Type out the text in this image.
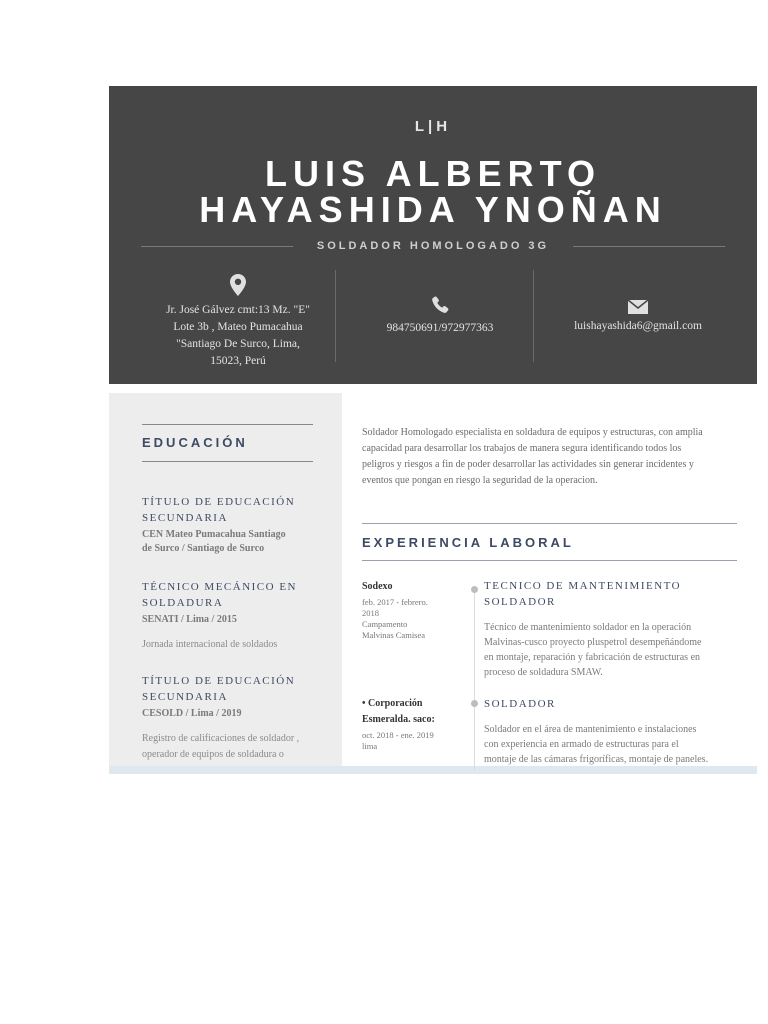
L|H
LUIS ALBERTO
HAYASHIDA YNOÑAN
SOLDADOR HOMOLOGADO 3G
Jr. José Gálvez cmt:13 Mz. "E"
Lote 3b , Mateo Pumacahua
"Santiago De Surco, Lima,
15023, Perú
984750691/972977363	luishayashida6@gmail.com
EDUCACIÓN
TÍTULO DE EDUCACIÓN
SECUNDARIA
CEN Mateo Pumacahua Santiago
de Surco / Santiago de Surco
TÉCNICO MECÁNICO EN
SOLDADURA
SENATI / Lima / 2015
Jornada internacional de soldados
TÍTULO DE EDUCACIÓN
SECUNDARIA
CESOLD / Lima / 2019
Registro de calificaciones de soldador ,
operador de equipos de soldadura o
Soldador Homologado especialista en soldadura de equipos y estructuras, con amplia
capacidad para desarrollar los trabajos de manera segura identificando todos los
peligros y riesgos a fin de poder desarrollar las actividades sin generar incidentes y
eventos que pongan en riesgo la seguridad de la operacion.
EXPERIENCIA LABORAL
Sodexo
feb. 2017 - febrero.
2018
Campamento
Malvinas Camisea
TECNICO DE MANTENIMIENTO
SOLDADOR
Técnico de mantenimiento soldador en la operación
Malvinas-cusco proyecto pluspetrol desempeñándome
en montaje, reparación y fabricación de estructuras en
proceso de soldadura SMAW.
• Corporación
Esmeralda. saco:
oct. 2018 - ene. 2019
lima
SOLDADOR
Soldador en el área de mantenimiento e instalaciones
con experiencia en armado de estructuras para el
montaje de las cámaras frigoríficas, montaje de paneles.
